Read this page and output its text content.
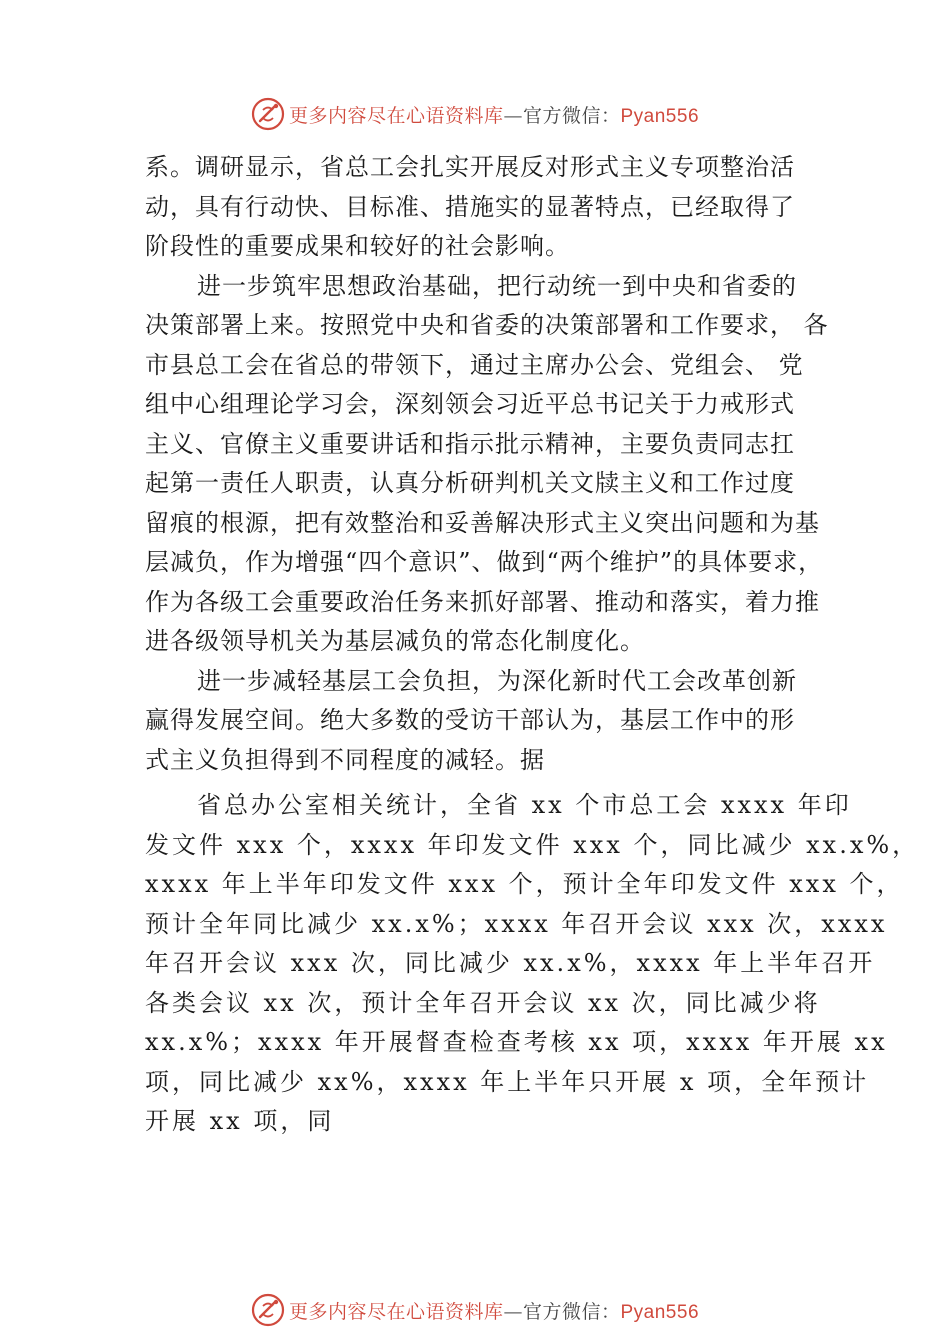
更多内容尽在心语资料库—官方微信：Pyan556
系。调研显示，省总工会扎实开展反对形式主义专项整治活
动，具有行动快、目标准、措施实的显著特点，已经取得了
阶段性的重要成果和较好的社会影响。
进一步筑牢思想政治基础，把行动统一到中央和省委的
决策部署上来。按照党中央和省委的决策部署和工作要求， 各
市县总工会在省总的带领下，通过主席办公会、党组会、 党
组中心组理论学习会，深刻领会习近平总书记关于力戒形式
主义、官僚主义重要讲话和指示批示精神，主要负责同志扛
起第一责任人职责，认真分析研判机关文牍主义和工作过度
留痕的根源，把有效整治和妥善解决形式主义突出问题和为基
层减负，作为增强“四个意识”、做到“两个维护”的具体要求，
作为各级工会重要政治任务来抓好部署、推动和落实，着力推
进各级领导机关为基层减负的常态化制度化。
进一步减轻基层工会负担，为深化新时代工会改革创新
赢得发展空间。绝大多数的受访干部认为，基层工作中的形
式主义负担得到不同程度的减轻。据
省总办公室相关统计，全省 xx 个市总工会 xxxx 年印
发文件 xxx 个，xxxx 年印发文件 xxx 个，同比减少 xx.x%，
xxxx 年上半年印发文件 xxx 个，预计全年印发文件 xxx 个，
预计全年同比减少 xx.x%；xxxx 年召开会议 xxx 次，xxxx
年召开会议 xxx 次，同比减少 xx.x%，xxxx 年上半年召开
各类会议 xx 次，预计全年召开会议 xx 次，同比减少将
xx.x%；xxxx 年开展督查检查考核 xx 项，xxxx 年开展 xx
项，同比减少 xx%，xxxx 年上半年只开展 x 项，全年预计
开展 xx 项，同
更多内容尽在心语资料库—官方微信：Pyan556
